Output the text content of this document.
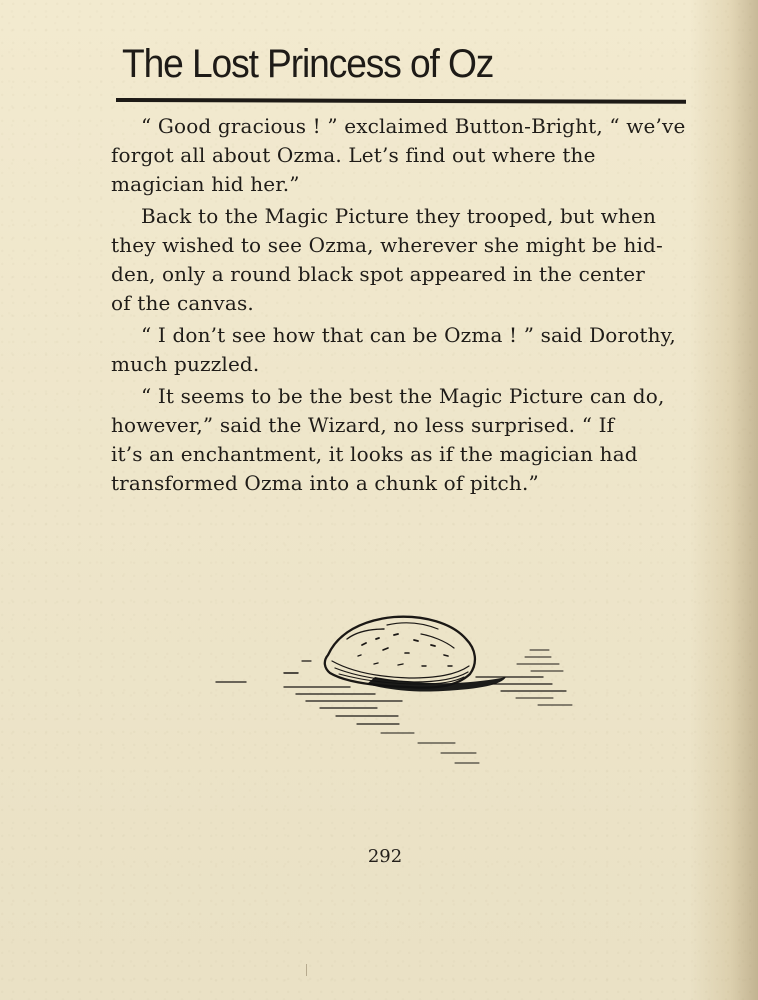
The Lost Princess of Oz

“ Good gracious ! ” exclaimed Button-Bright, “ we’ve
forgot all about Ozma. Let’s find out where the
magician hid her.”

Back to the Magic Picture they trooped, but when
they wished to see Ozma, wherever she might be hid-
den, only a round black spot appeared in the center
of the canvas.

“ I don’t see how that can be Ozma ! ” said Dorothy,
much puzzled.

“ It seems to be the best the Magic Picture can do,
however,” said the Wizard, no less surprised. “ If
it’s an enchantment, it looks as if the magician had
transformed Ozma into a chunk of pitch.”

292
